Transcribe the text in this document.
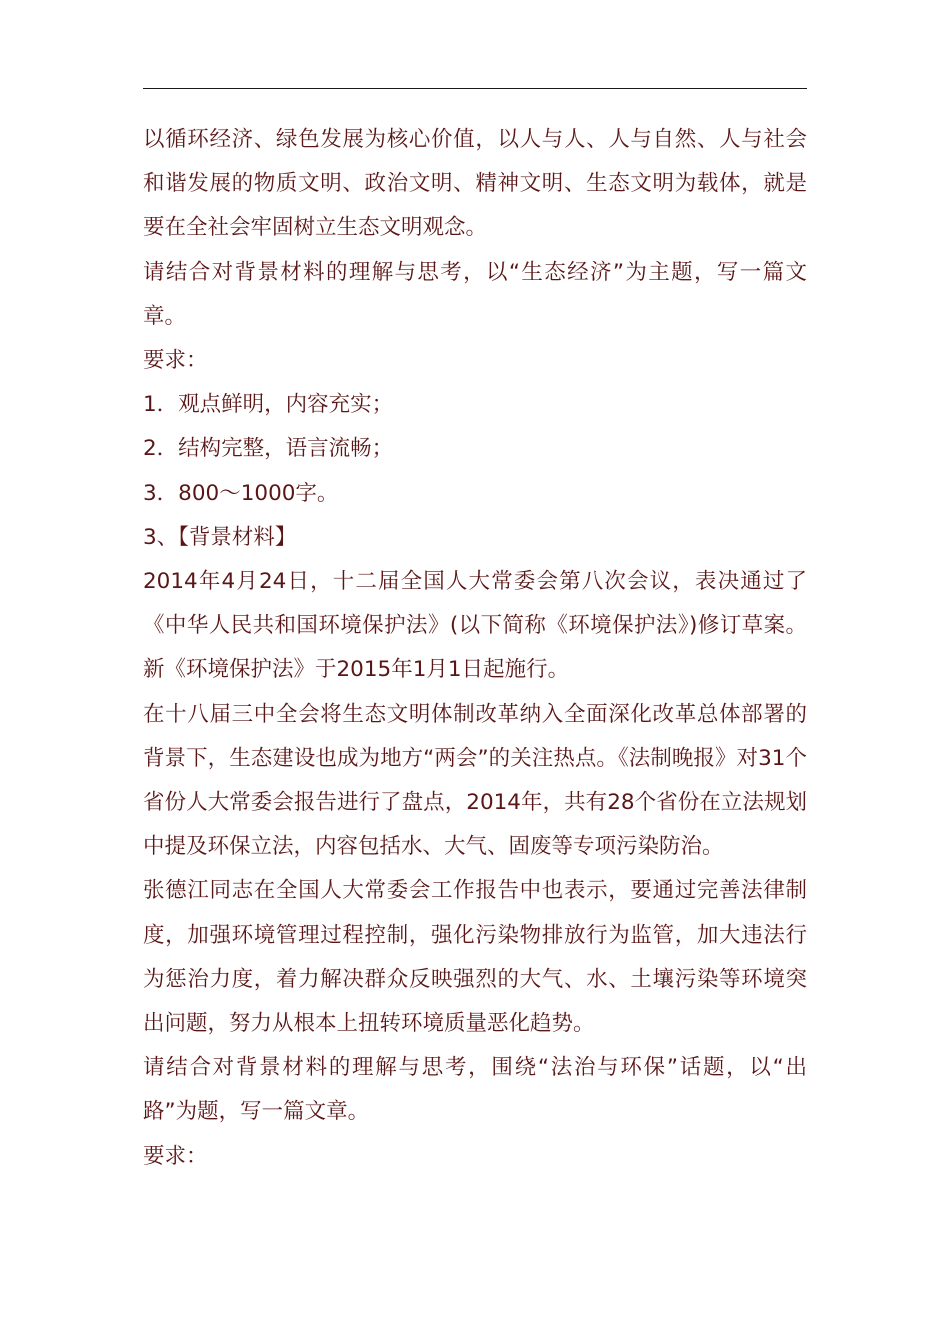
以循环经济、绿色发展为核心价值，以人与人、人与自然、人与社会和谐发展的物质文明、政治文明、精神文明、生态文明为载体，就是要在全社会牢固树立生态文明观念。

请结合对背景材料的理解与思考，以“生态经济”为主题，写一篇文章。

要求：

1．观点鲜明，内容充实；

2．结构完整，语言流畅；

3．800～1000字。

3、【背景材料】

2014年4月24日，十二届全国人大常委会第八次会议，表决通过了《中华人民共和国环境保护法》(以下简称《环境保护法》)修订草案。新《环境保护法》于2015年1月1日起施行。

在十八届三中全会将生态文明体制改革纳入全面深化改革总体部署的背景下，生态建设也成为地方“两会”的关注热点。《法制晚报》对31个省份人大常委会报告进行了盘点，2014年，共有28个省份在立法规划中提及环保立法，内容包括水、大气、固废等专项污染防治。

张德江同志在全国人大常委会工作报告中也表示，要通过完善法律制度，加强环境管理过程控制，强化污染物排放行为监管，加大违法行为惩治力度，着力解决群众反映强烈的大气、水、土壤污染等环境突出问题，努力从根本上扭转环境质量恶化趋势。

请结合对背景材料的理解与思考，围绕“法治与环保”话题，以“出路”为题，写一篇文章。

要求：
